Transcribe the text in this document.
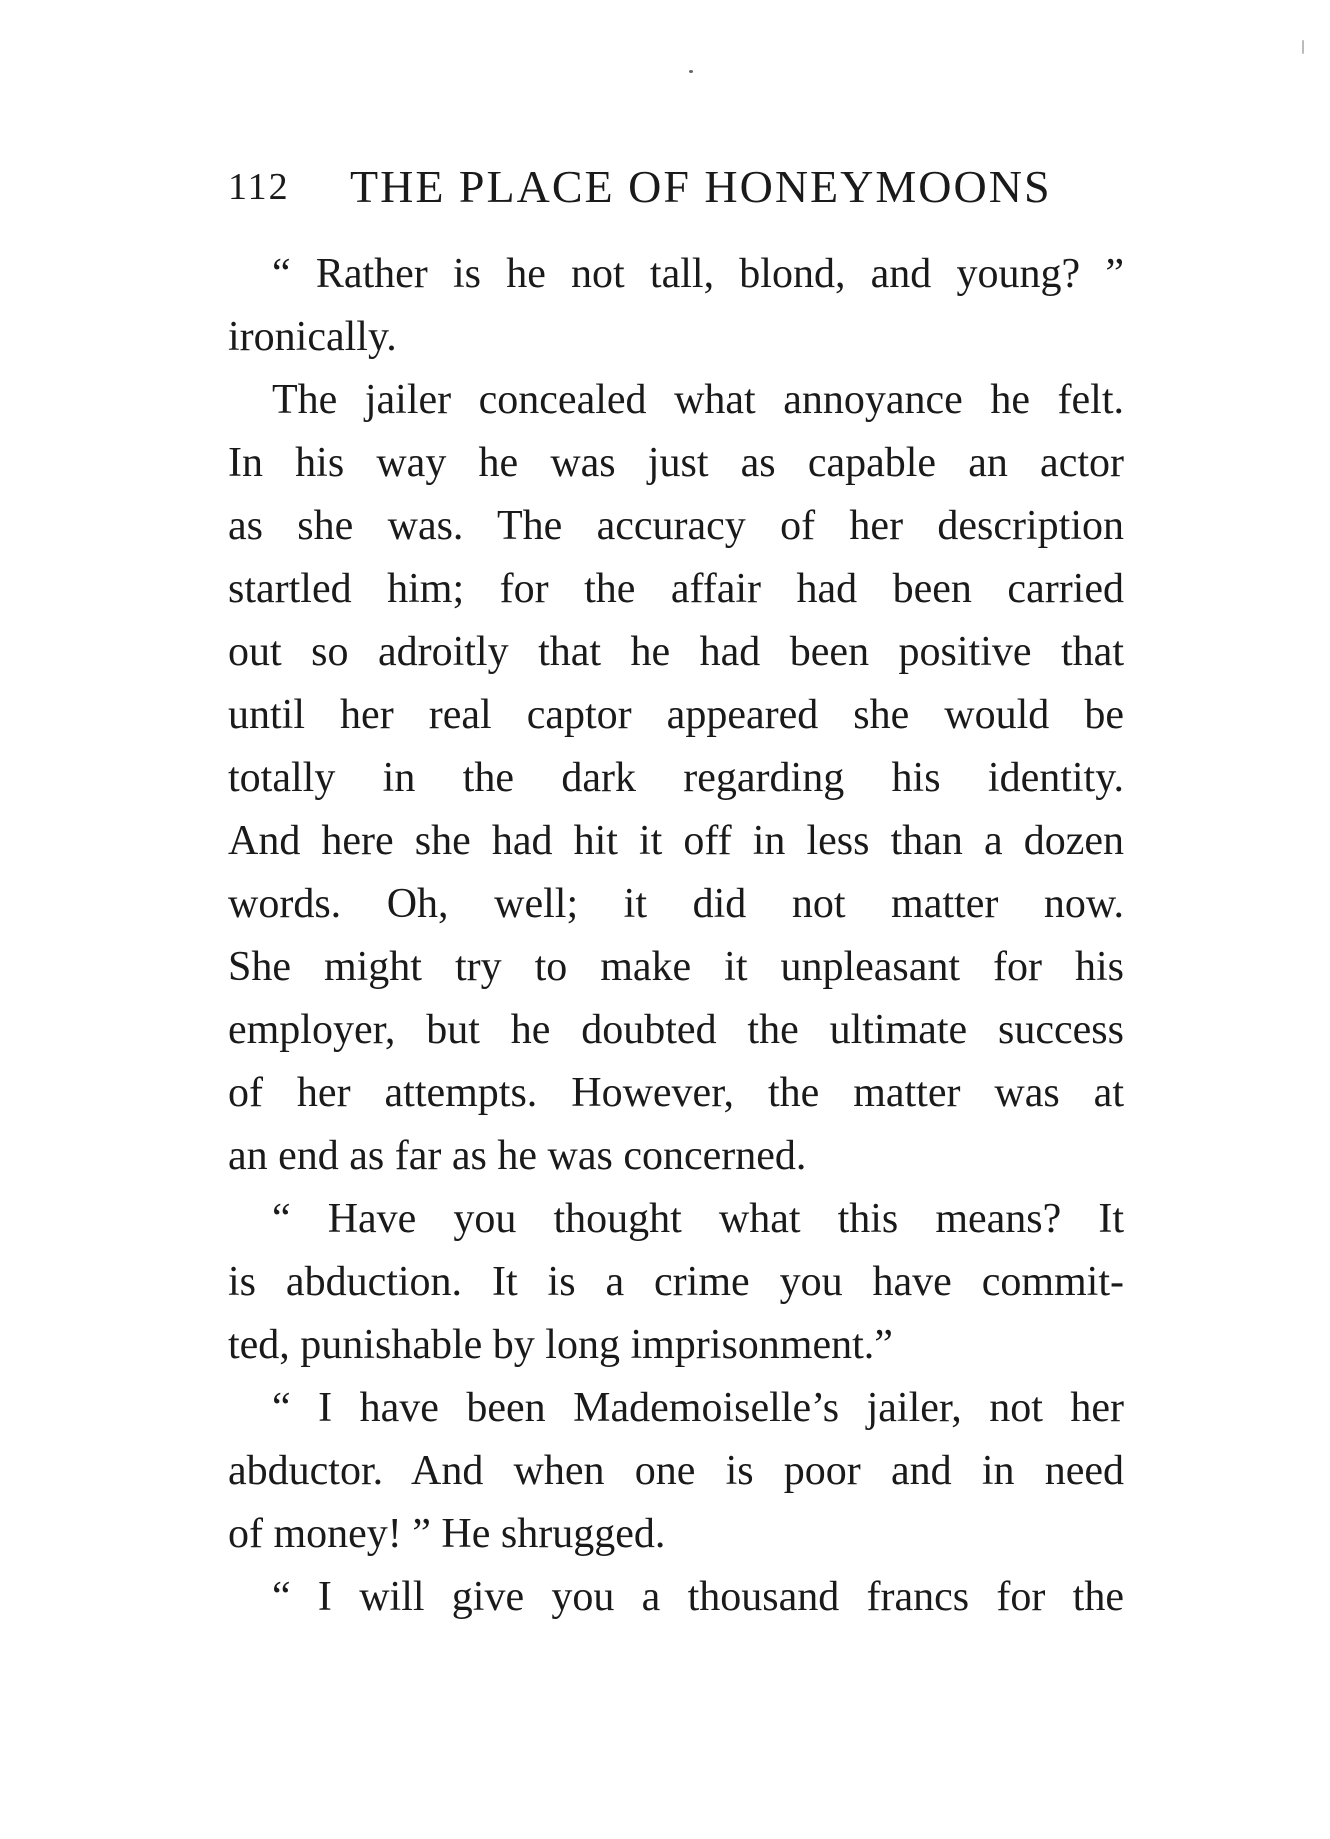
112 THE PLACE OF HONEYMOONS
“ Rather is he not tall, blond, and young? ”
ironically.
The jailer concealed what annoyance he felt.
In his way he was just as capable an actor
as she was. The accuracy of her description
startled him; for the affair had been carried
out so adroitly that he had been positive that
until her real captor appeared she would be
totally in the dark regarding his identity.
And here she had hit it off in less than a dozen
words. Oh, well; it did not matter now.
She might try to make it unpleasant for his
employer, but he doubted the ultimate success
of her attempts. However, the matter was at
an end as far as he was concerned.
“ Have you thought what this means? It
is abduction. It is a crime you have commit-
ted, punishable by long imprisonment.”
“ I have been Mademoiselle’s jailer, not her
abductor. And when one is poor and in need
of money! ” He shrugged.
“ I will give you a thousand francs for the
